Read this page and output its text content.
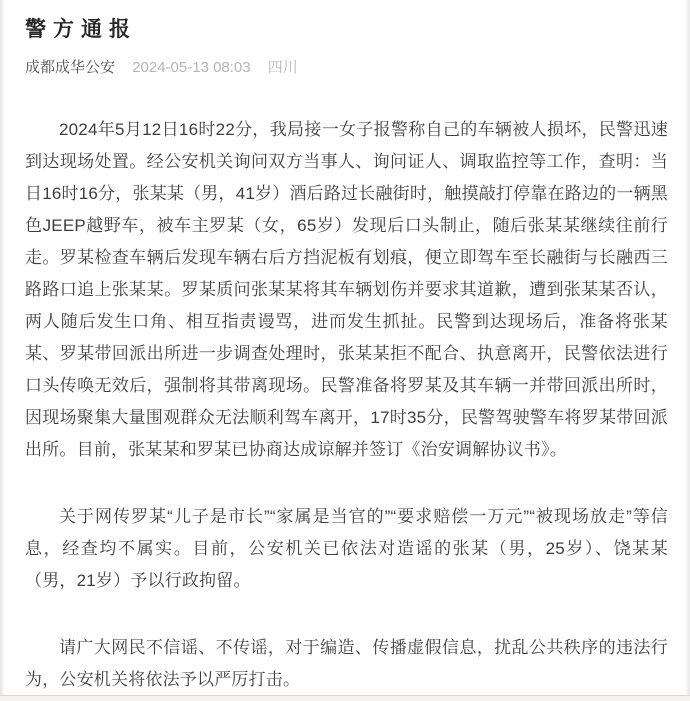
警方通报
成都成华公安 2024-05-13 08:03 四川

2024年5月12日16时22分，我局接一女子报警称自己的车辆被人损坏，民警迅速到达现场处置。经公安机关询问双方当事人、询问证人、调取监控等工作，查明：当日16时16分，张某某（男，41岁）酒后路过长融街时，触摸敲打停靠在路边的一辆黑色JEEP越野车，被车主罗某（女，65岁）发现后口头制止，随后张某某继续往前行走。罗某检查车辆后发现车辆右后方挡泥板有划痕，便立即驾车至长融街与长融西三路路口追上张某某。罗某质问张某某将其车辆划伤并要求其道歉，遭到张某某否认，两人随后发生口角、相互指责谩骂，进而发生抓扯。民警到达现场后，准备将张某某、罗某带回派出所进一步调查处理时，张某某拒不配合、执意离开，民警依法进行口头传唤无效后，强制将其带离现场。民警准备将罗某及其车辆一并带回派出所时，因现场聚集大量围观群众无法顺利驾车离开，17时35分，民警驾驶警车将罗某带回派出所。目前，张某某和罗某已协商达成谅解并签订《治安调解协议书》。

关于网传罗某“儿子是市长”“家属是当官的”“要求赔偿一万元”“被现场放走”等信息，经查均不属实。目前，公安机关已依法对造谣的张某（男，25岁）、饶某某（男，21岁）予以行政拘留。

请广大网民不信谣、不传谣，对于编造、传播虚假信息，扰乱公共秩序的违法行为，公安机关将依法予以严厉打击。
